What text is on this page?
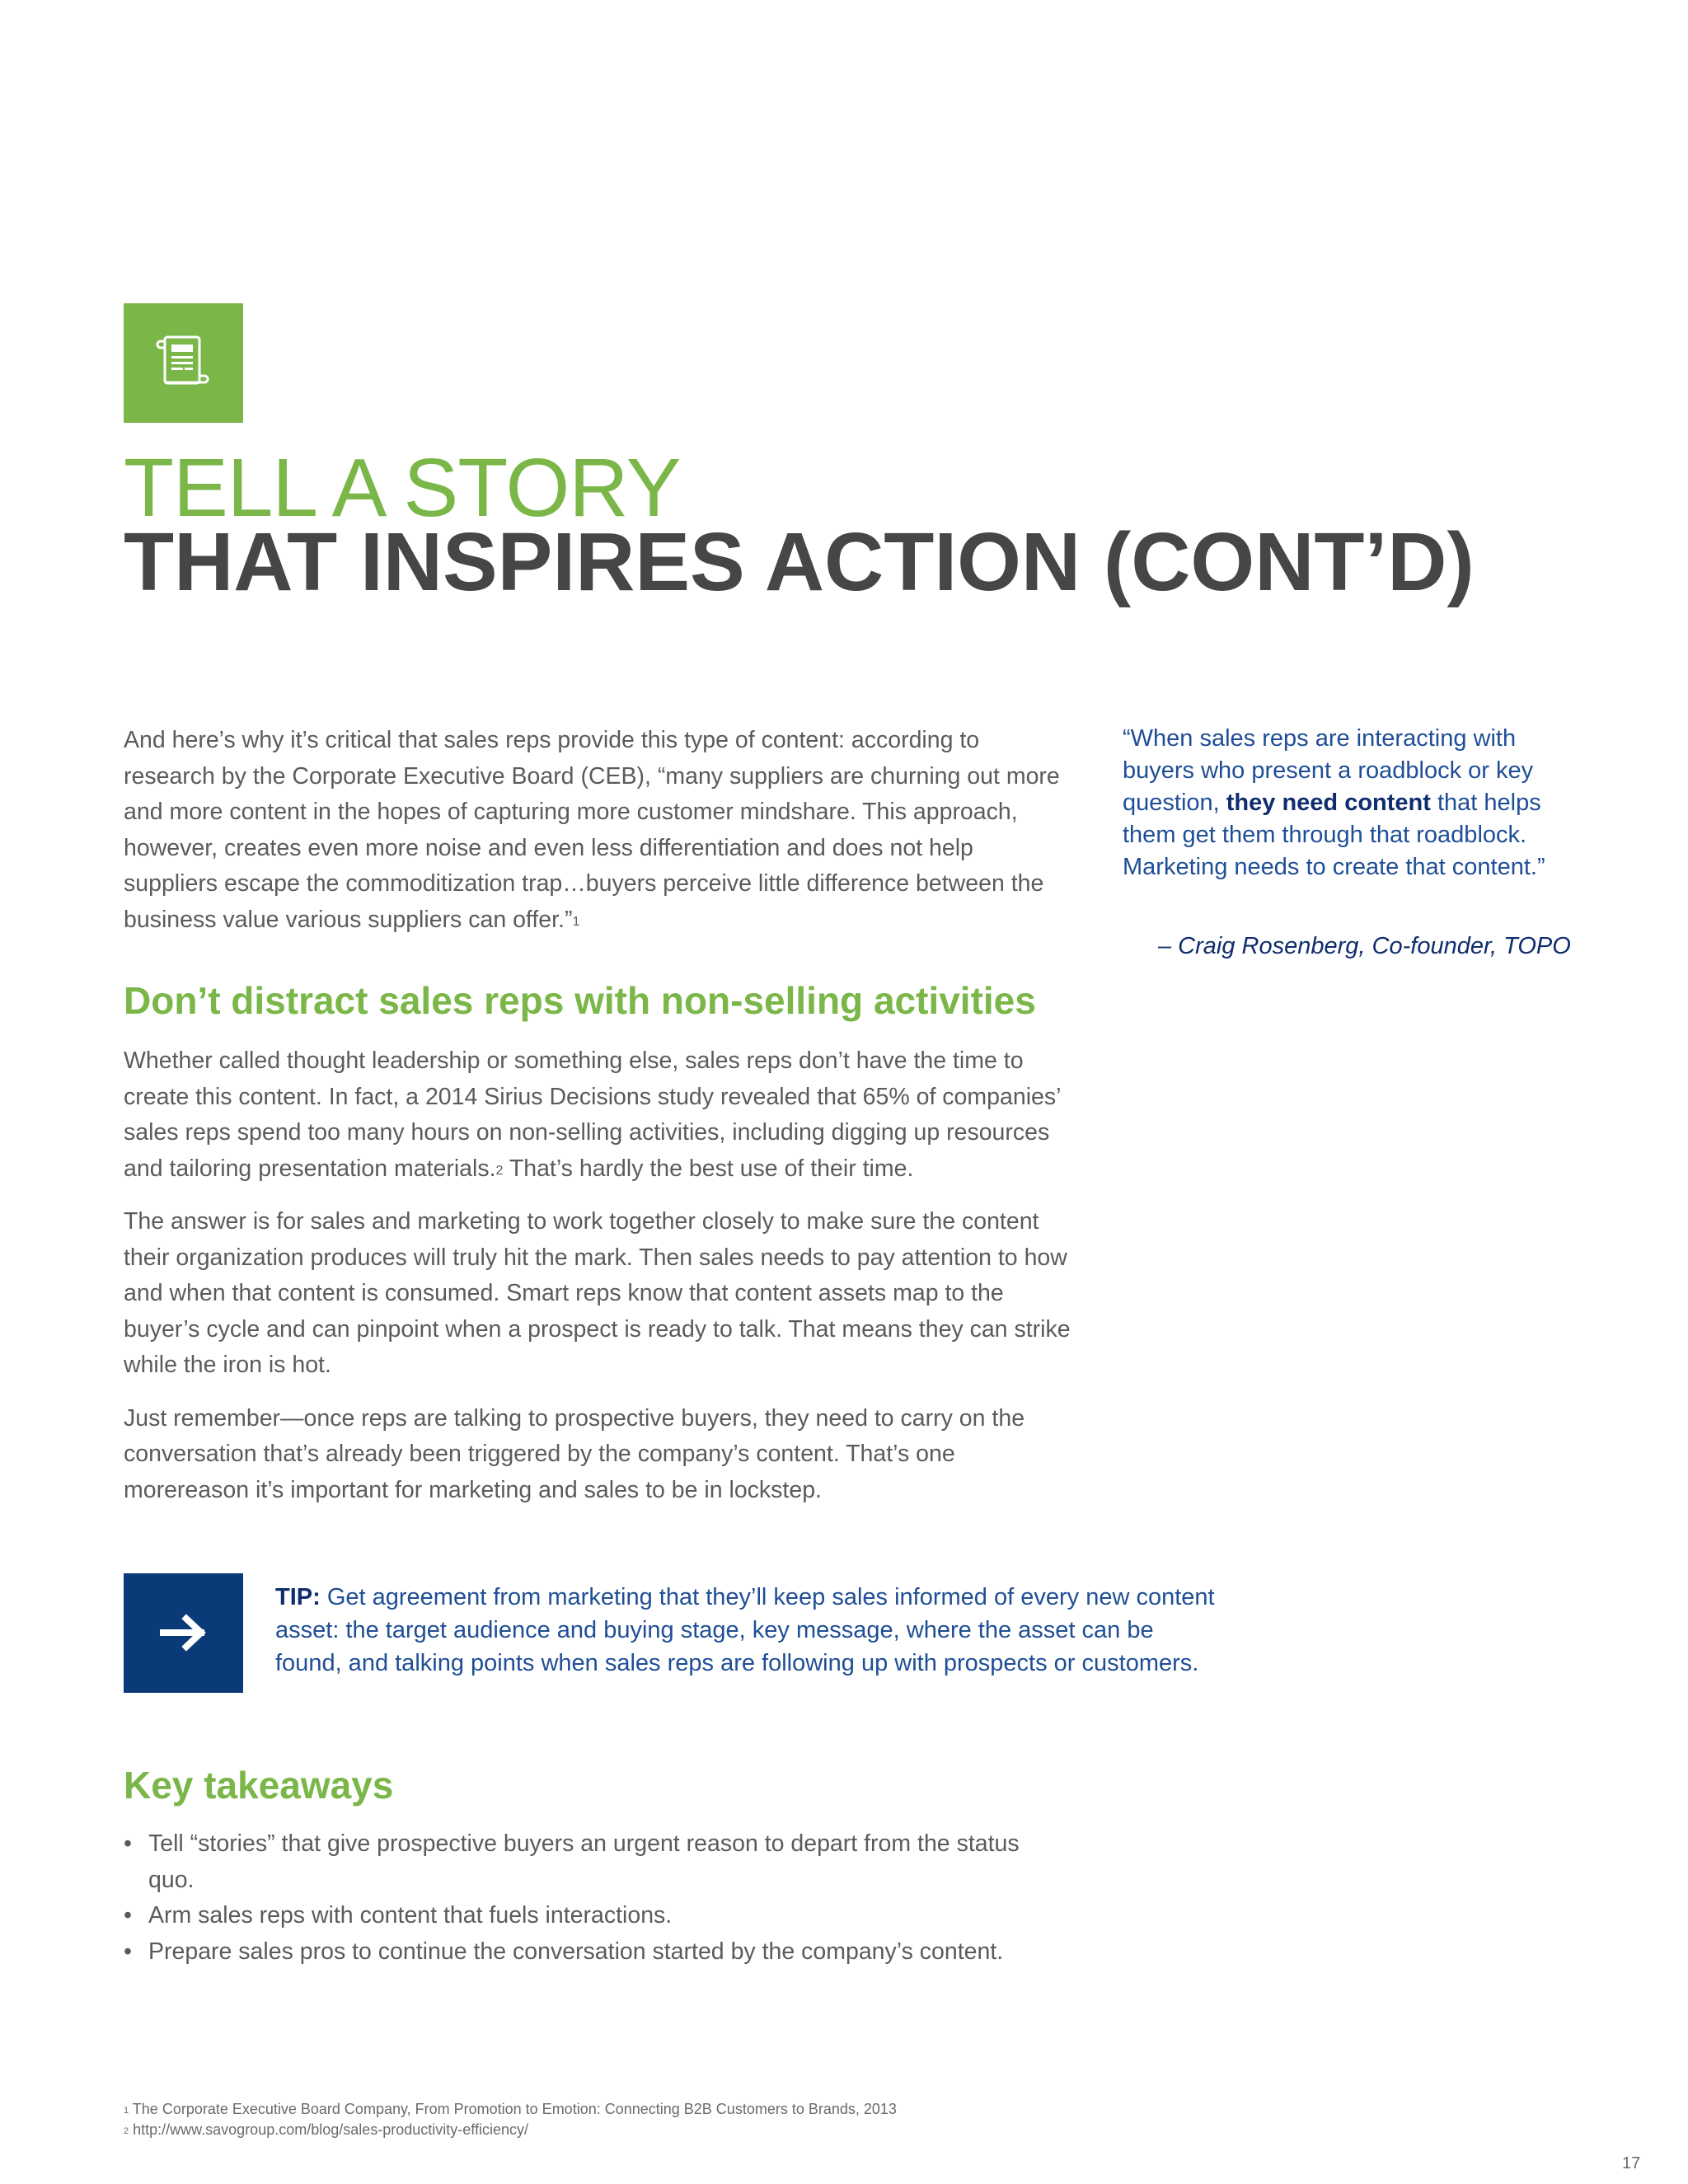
TELL A STORY
THAT INSPIRES ACTION (CONT’D)

And here’s why it’s critical that sales reps provide this type of content: according to research by the Corporate Executive Board (CEB), “many suppliers are churning out more and more content in the hopes of capturing more customer mindshare. This approach, however, creates even more noise and even less differentiation and does not help suppliers escape the commoditization trap…buyers perceive little difference between the business value various suppliers can offer.”$^1$

“When sales reps are interacting with buyers who present a roadblock or key question, they need content that helps them get them through that roadblock. Marketing needs to create that content.”
– Craig Rosenberg, Co-founder, TOPO
Don’t distract sales reps with non-selling activities

Whether called thought leadership or something else, sales reps don’t have the time to create this content. In fact, a 2014 Sirius Decisions study revealed that 65% of companies’ sales reps spend too many hours on non-selling activities, including digging up resources and tailoring presentation materials.$^2$ That’s hardly the best use of their time.

The answer is for sales and marketing to work together closely to make sure the content their organization produces will truly hit the mark. Then sales needs to pay attention to how and when that content is consumed. Smart reps know that content assets map to the buyer’s cycle and can pinpoint when a prospect is ready to talk. That means they can strike while the iron is hot.

Just remember—once reps are talking to prospective buyers, they need to carry on the conversation that’s already been triggered by the company’s content. That’s one morereason it’s important for marketing and sales to be in lockstep.

TIP: Get agreement from marketing that they’ll keep sales informed of every new content asset: the target audience and buying stage, key message, where the asset can be found, and talking points when sales reps are following up with prospects or customers.
Key takeaways
• Tell “stories” that give prospective buyers an urgent reason to depart from the status quo.
• Arm sales reps with content that fuels interactions.
• Prepare sales pros to continue the conversation started by the company’s content.
$^1$ The Corporate Executive Board Company, From Promotion to Emotion: Connecting B2B Customers to Brands, 2013
$^2$ http://www.savogroup.com/blog/sales-productivity-efficiency/
17
